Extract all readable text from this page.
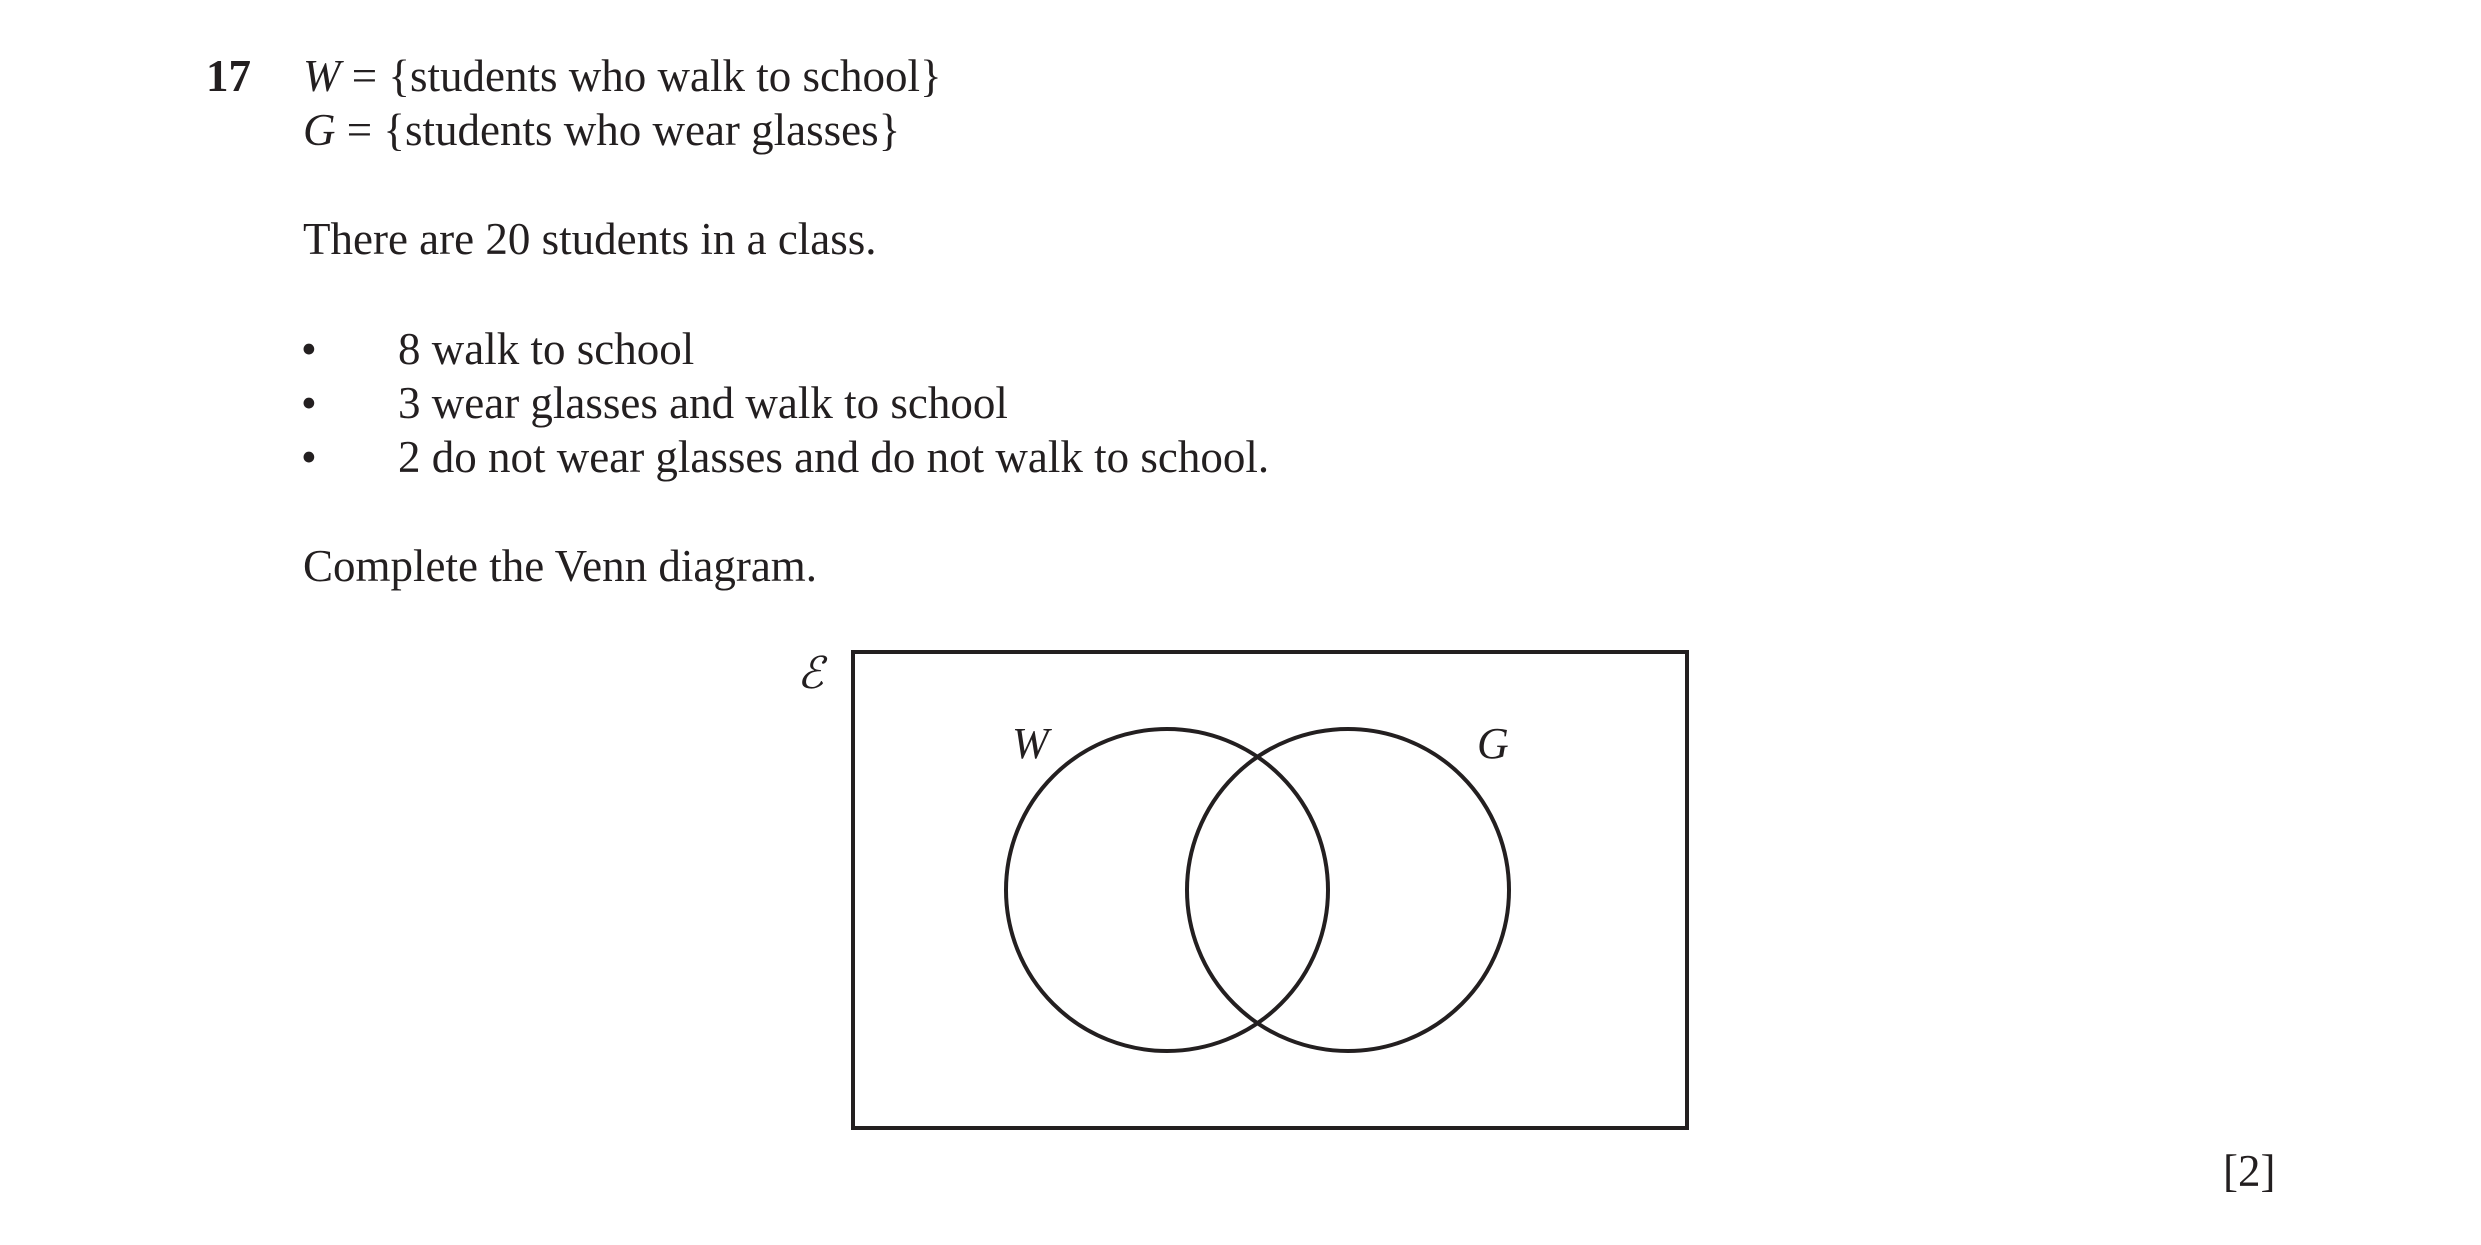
17 W = {students who walk to school}
G = {students who wear glasses}
There are 20 students in a class.
• 8 walk to school
• 3 wear glasses and walk to school
• 2 do not wear glasses and do not walk to school.
Complete the Venn diagram.
ℰ
W	G
[2]
